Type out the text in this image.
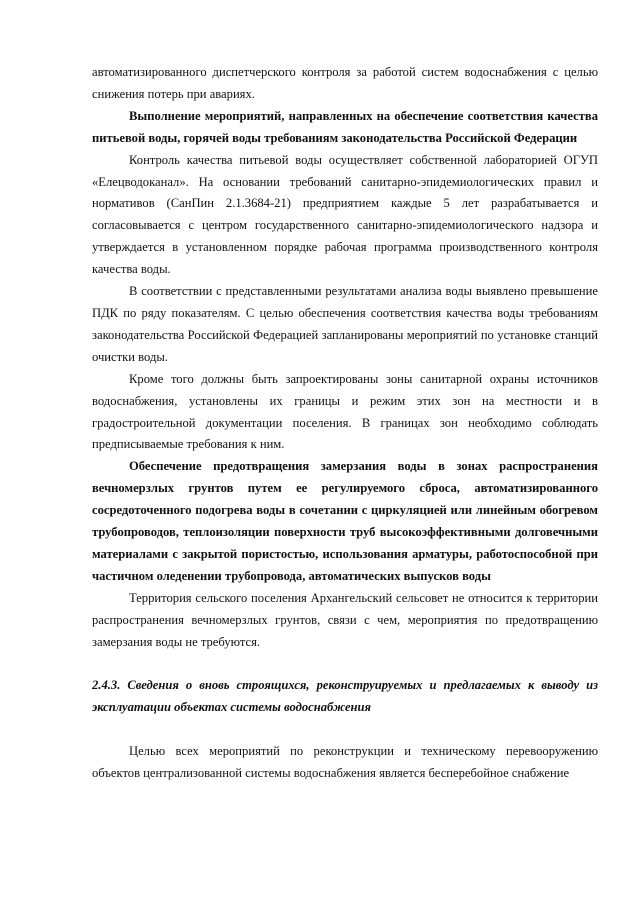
автоматизированного диспетчерского контроля за работой систем водоснабжения с целью снижения потерь при авариях.

Выполнение мероприятий, направленных на обеспечение соответствия качества питьевой воды, горячей воды требованиям законодательства Российской Федерации

Контроль качества питьевой воды осуществляет собственной лабораторией ОГУП «Елецводоканал». На основании требований санитарно-эпидемиологических правил и нормативов (СанПин 2.1.3684-21) предприятием каждые 5 лет разрабатывается и согласовывается с центром государственного санитарно-эпидемиологического надзора и утверждается в установленном порядке рабочая программа производственного контроля качества воды.

В соответствии с представленными результатами анализа воды выявлено превышение ПДК по ряду показателям. С целью обеспечения соответствия качества воды требованиям законодательства Российской Федерацией запланированы мероприятий по установке станций очистки воды.

Кроме того должны быть запроектированы зоны санитарной охраны источников водоснабжения, установлены их границы и режим этих зон на местности и в градостроительной документации поселения. В границах зон необходимо соблюдать предписываемые требования к ним.

Обеспечение предотвращения замерзания воды в зонах распространения вечномерзлых грунтов путем ее регулируемого сброса, автоматизированного сосредоточенного подогрева воды в сочетании с циркуляцией или линейным обогревом трубопроводов, теплоизоляции поверхности труб высокоэффективными долговечными материалами с закрытой пористостью, использования арматуры, работоспособной при частичном оледенении трубопровода, автоматических выпусков воды

Территория сельского поселения Архангельский сельсовет не относится к территории распространения вечномерзлых грунтов, связи с чем, мероприятия по предотвращению замерзания воды не требуются.

2.4.3. Сведения о вновь строящихся, реконструируемых и предлагаемых к выводу из эксплуатации объектах системы водоснабжения

Целью всех мероприятий по реконструкции и техническому перевооружению объектов централизованной системы водоснабжения является бесперебойное снабжение
